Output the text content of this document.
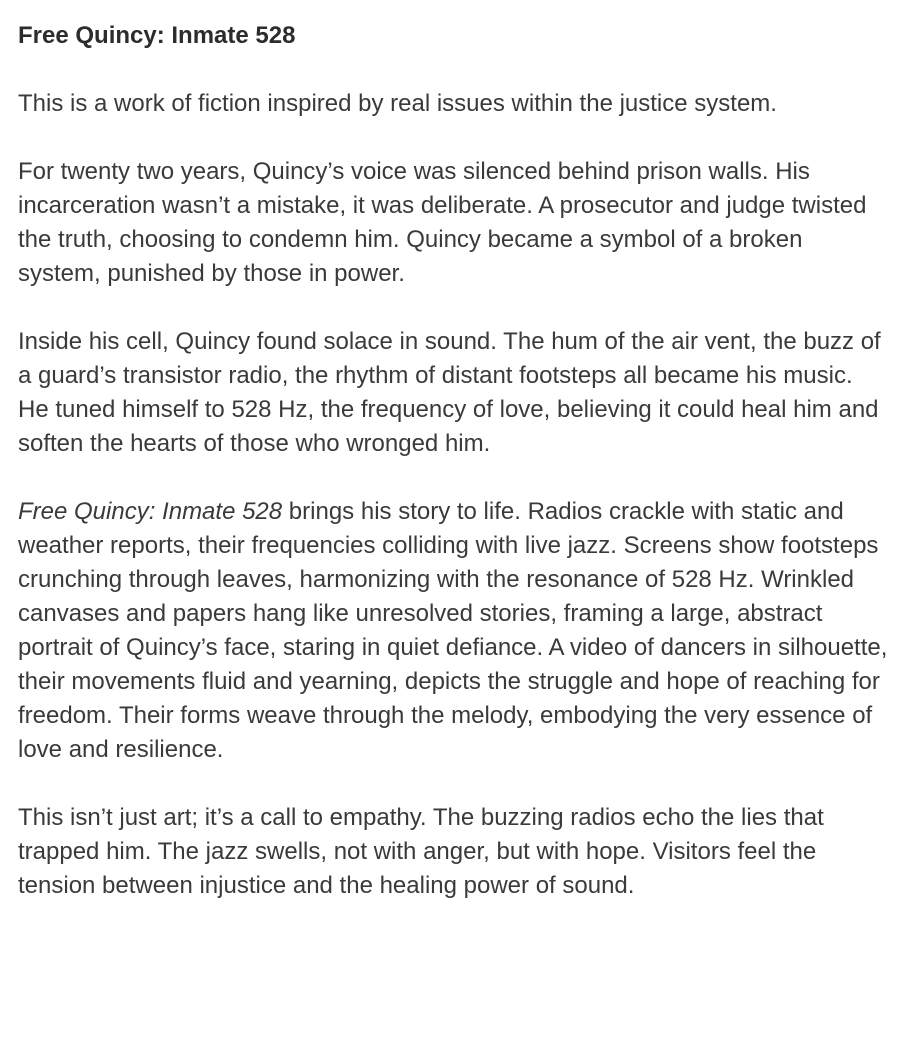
Free Quincy: Inmate 528

This is a work of fiction inspired by real issues within the justice system.

For twenty two years, Quincy’s voice was silenced behind prison walls. His incarceration wasn’t a mistake, it was deliberate. A prosecutor and judge twisted the truth, choosing to condemn him. Quincy became a symbol of a broken system, punished by those in power.

Inside his cell, Quincy found solace in sound. The hum of the air vent, the buzz of a guard’s transistor radio, the rhythm of distant footsteps all became his music. He tuned himself to 528 Hz, the frequency of love, believing it could heal him and soften the hearts of those who wronged him.

Free Quincy: Inmate 528 brings his story to life. Radios crackle with static and weather reports, their frequencies colliding with live jazz. Screens show footsteps crunching through leaves, harmonizing with the resonance of 528 Hz. Wrinkled canvases and papers hang like unresolved stories, framing a large, abstract portrait of Quincy’s face, staring in quiet defiance. A video of dancers in silhouette, their movements fluid and yearning, depicts the struggle and hope of reaching for freedom. Their forms weave through the melody, embodying the very essence of love and resilience.

This isn’t just art; it’s a call to empathy. The buzzing radios echo the lies that trapped him. The jazz swells, not with anger, but with hope. Visitors feel the tension between injustice and the healing power of sound.
